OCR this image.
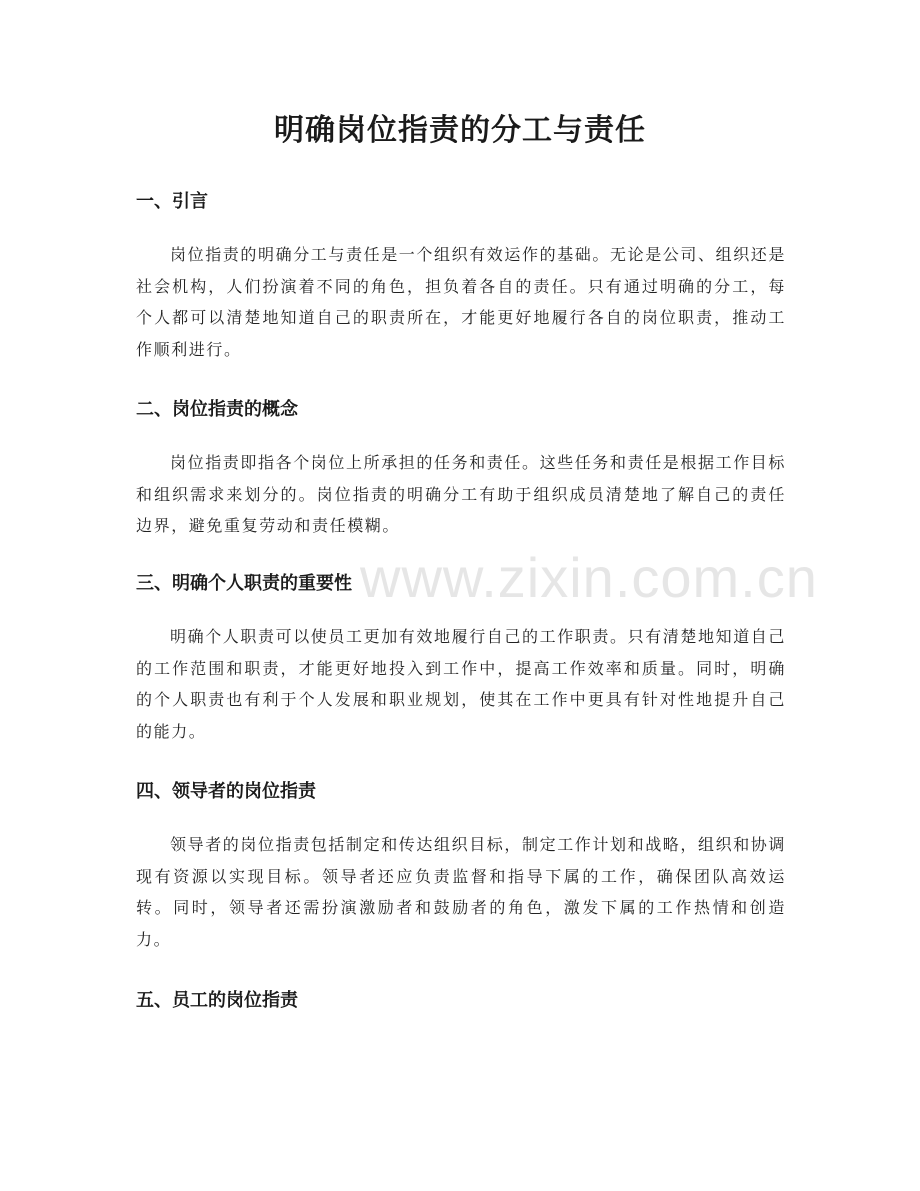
www.zixin.com.cn
明确岗位指责的分工与责任
一、引言

岗位指责的明确分工与责任是一个组织有效运作的基础。无论是公司、组织还是社会机构，人们扮演着不同的角色，担负着各自的责任。只有通过明确的分工，每个人都可以清楚地知道自己的职责所在，才能更好地履行各自的岗位职责，推动工作顺利进行。

二、岗位指责的概念

岗位指责即指各个岗位上所承担的任务和责任。这些任务和责任是根据工作目标和组织需求来划分的。岗位指责的明确分工有助于组织成员清楚地了解自己的责任边界，避免重复劳动和责任模糊。

三、明确个人职责的重要性

明确个人职责可以使员工更加有效地履行自己的工作职责。只有清楚地知道自己的工作范围和职责，才能更好地投入到工作中，提高工作效率和质量。同时，明确的个人职责也有利于个人发展和职业规划，使其在工作中更具有针对性地提升自己的能力。

四、领导者的岗位指责

领导者的岗位指责包括制定和传达组织目标，制定工作计划和战略，组织和协调现有资源以实现目标。领导者还应负责监督和指导下属的工作，确保团队高效运转。同时，领导者还需扮演激励者和鼓励者的角色，激发下属的工作热情和创造力。

五、员工的岗位指责
